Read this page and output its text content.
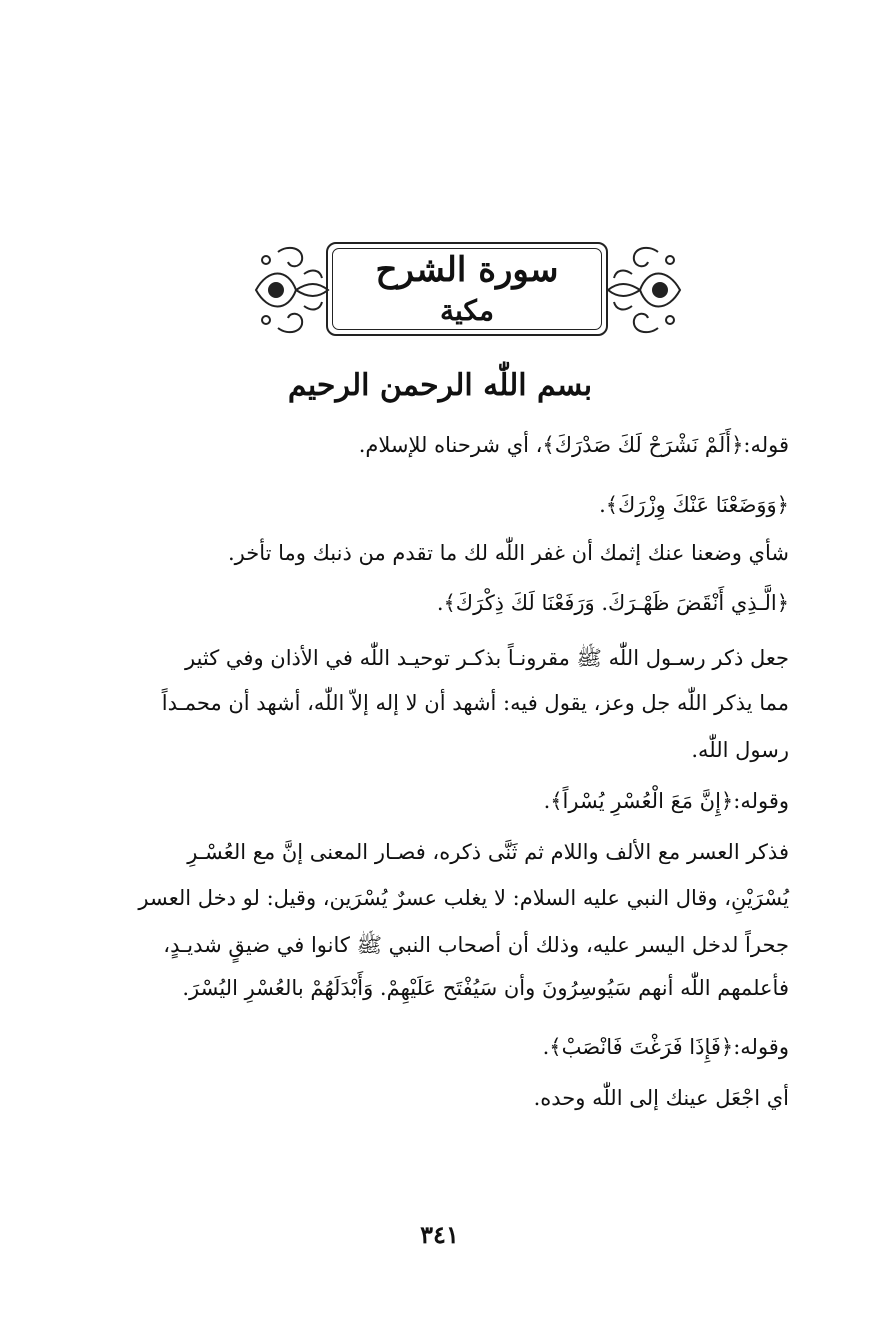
سورة الشرح
مكية
بسم اللّٰه الرحمن الرحيم
قوله:﴿أَلَمْ نَشْرَحْ لَكَ صَدْرَكَ﴾، أي شرحناه للإسلام.
﴿وَوَضَعْنَا عَنْكَ وِزْرَكَ﴾.
شأي وضعنا عنك إثمك أن غفر اللّٰه لك ما تقدم من ذنبك وما تأخر.
﴿الَّـذِي أَنْقَضَ ظَهْـرَكَ. وَرَفَعْنَا لَكَ ذِكْرَكَ﴾.
جعل ذكر رسـول اللّٰه ﷺ مقرونـاً بذكـر توحيـد اللّٰه في الأذان وفي كثير
مما يذكر اللّٰه جل وعز، يقول فيه: أشهد أن لا إله إلاّ اللّٰه، أشهد أن محمـداً
رسول اللّٰه.
وقوله:﴿إِنَّ مَعَ الْعُسْرِ يُسْراً﴾.
فذكر العسر مع الألف واللام ثم ثَنَّى ذكره، فصـار المعنى إنَّ مع العُسْـرِ
يُسْرَيْنِ، وقال النبي عليه السلام: لا يغلب عسرٌ يُسْرَين، وقيل: لو دخل العسر
جحراً لدخل اليسر عليه، وذلك أن أصحاب النبي ﷺ كانوا في ضيقٍ شديـدٍ،
فأعلمهم اللّٰه أنهم سَيُوسِرُونَ وأن سَيُفْتَح عَلَيْهِمْ. وَأَبْدَلَهُمْ بالعُسْرِ اليُسْرَ.
وقوله:﴿فَإِذَا فَرَغْتَ فَانْصَبْ﴾.
أي اجْعَل عينك إلى اللّٰه وحده.
٣٤١
